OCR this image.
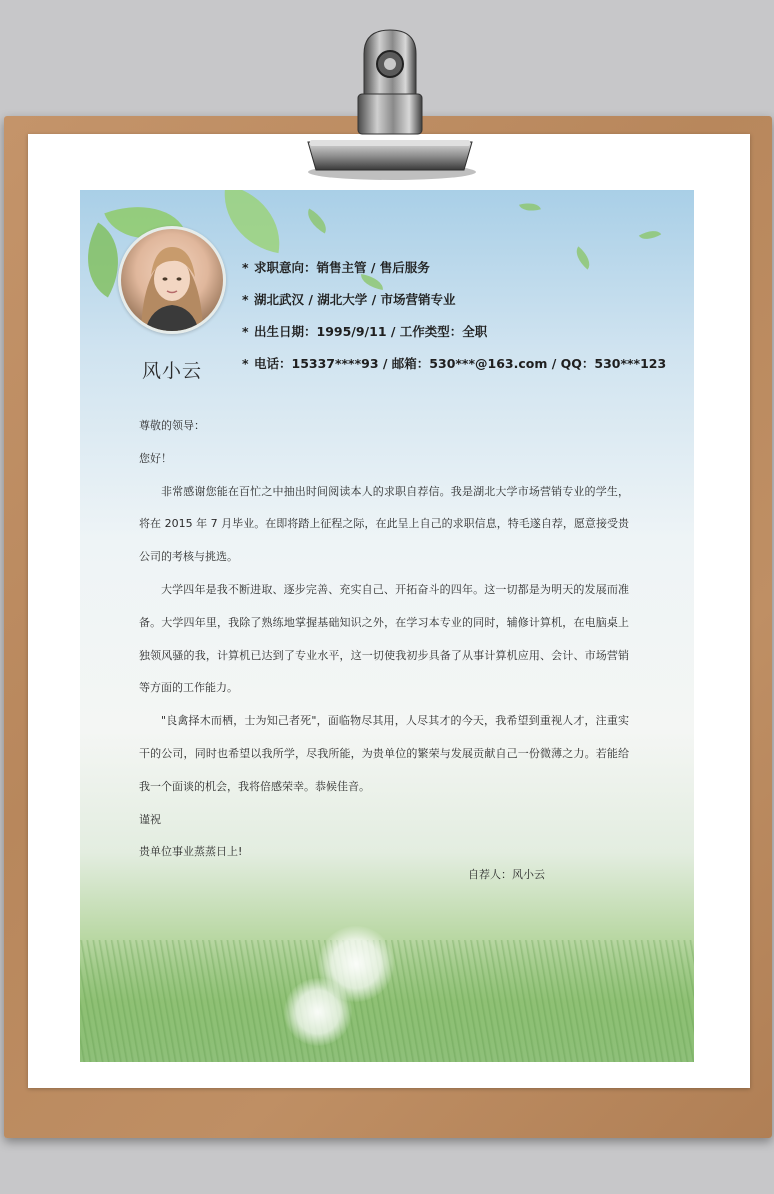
风小云
* 求职意向：销售主管 / 售后服务
* 湖北武汉 / 湖北大学 / 市场营销专业
* 出生日期：1995/9/11 / 工作类型：全职
* 电话：15337****93 / 邮箱：530***@163.com / QQ：530***123

尊敬的领导：

您好！

非常感谢您能在百忙之中抽出时间阅读本人的求职自荐信。我是湖北大学市场营销专业的学生，将在 2015 年 7 月毕业。在即将踏上征程之际，在此呈上自己的求职信息，特毛遂自荐，愿意接受贵公司的考核与挑选。

大学四年是我不断进取、逐步完善、充实自己、开拓奋斗的四年。这一切都是为明天的发展而准备。大学四年里，我除了熟练地掌握基础知识之外，在学习本专业的同时，辅修计算机，在电脑桌上独领风骚的我，计算机已达到了专业水平，这一切使我初步具备了从事计算机应用、会计、市场营销等方面的工作能力。

"良禽择木而栖，士为知己者死"，面临物尽其用，人尽其才的今天，我希望到重视人才，注重实干的公司，同时也希望以我所学，尽我所能，为贵单位的繁荣与发展贡献自己一份微薄之力。若能给我一个面谈的机会，我将倍感荣幸。恭候佳音。

谨祝

贵单位事业蒸蒸日上!

自荐人：风小云
